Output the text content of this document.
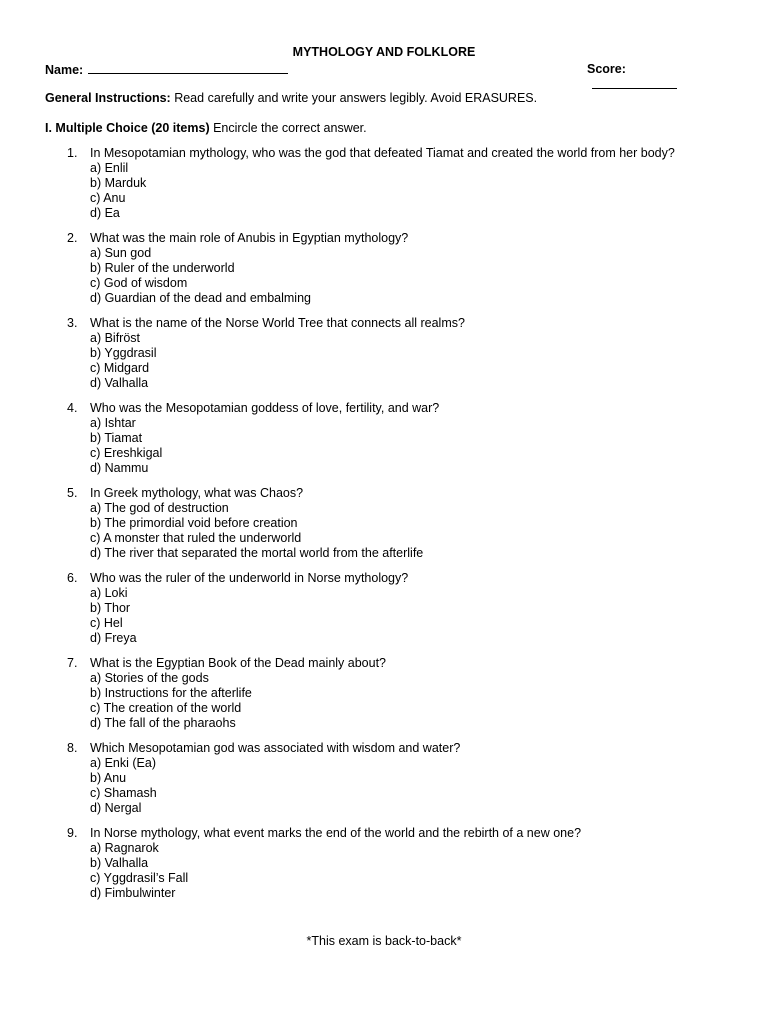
MYTHOLOGY AND FOLKLORE
Name:	Score:
General Instructions: Read carefully and write your answers legibly. Avoid ERASURES.
I. Multiple Choice (20 items) Encircle the correct answer.
1. In Mesopotamian mythology, who was the god that defeated Tiamat and created the world from her body?
a) Enlil
b) Marduk
c) Anu
d) Ea
2. What was the main role of Anubis in Egyptian mythology?
a) Sun god
b) Ruler of the underworld
c) God of wisdom
d) Guardian of the dead and embalming
3. What is the name of the Norse World Tree that connects all realms?
a) Bifröst
b) Yggdrasil
c) Midgard
d) Valhalla
4. Who was the Mesopotamian goddess of love, fertility, and war?
a) Ishtar
b) Tiamat
c) Ereshkigal
d) Nammu
5. In Greek mythology, what was Chaos?
a) The god of destruction
b) The primordial void before creation
c) A monster that ruled the underworld
d) The river that separated the mortal world from the afterlife
6. Who was the ruler of the underworld in Norse mythology?
a) Loki
b) Thor
c) Hel
d) Freya
7. What is the Egyptian Book of the Dead mainly about?
a) Stories of the gods
b) Instructions for the afterlife
c) The creation of the world
d) The fall of the pharaohs
8. Which Mesopotamian god was associated with wisdom and water?
a) Enki (Ea)
b) Anu
c) Shamash
d) Nergal
9. In Norse mythology, what event marks the end of the world and the rebirth of a new one?
a) Ragnarok
b) Valhalla
c) Yggdrasil’s Fall
d) Fimbulwinter
*This exam is back-to-back*
